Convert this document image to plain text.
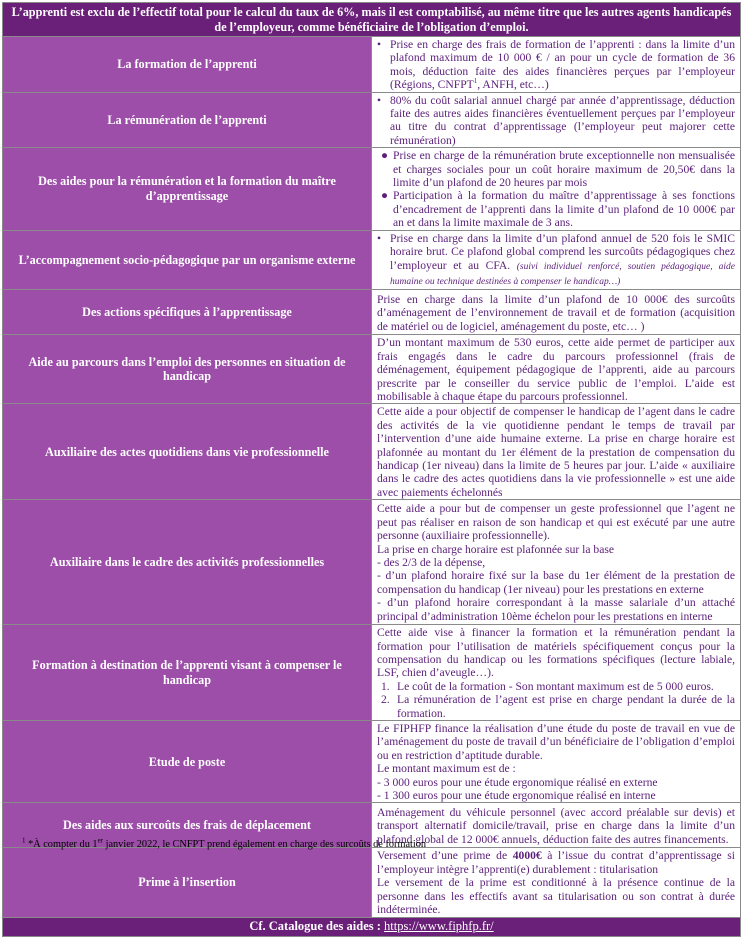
L’apprenti est exclu de l’effectif total pour le calcul du taux de 6%, mais il est comptabilisé, au même titre que les autres agents handicapés de l’employeur, comme bénéficiaire de l’obligation d’emploi.	
La formation de l’apprenti	• Prise en charge des frais de formation de l’apprenti : dans la limite d’un plafond maximum de 10 000 € / an pour un cycle de formation de 36 mois, déduction faite des aides financières perçues par l’employeur (Régions, CNFPT$^1$, ANFH, etc…)

La rémunération de l’apprenti	• 80% du coût salarial annuel chargé par année d’apprentissage, déduction faite des autres aides financières éventuellement perçues par l’employeur au titre du contrat d’apprentissage (l’employeur peut majorer cette rémunération)

Des aides pour la rémunération et la formation du maître d’apprentissage	● Prise en charge de la rémunération brute exceptionnelle non mensualisée et charges sociales pour un coût horaire maximum de 20,50€ dans la limite d’un plafond de 20 heures par mois

● Participation à la formation du maître d’apprentissage à ses fonctions d’encadrement de l’apprenti dans la limite d’un plafond de 10 000€ par an et dans la limite maximale de 3 ans.

L’accompagnement socio-pédagogique par un organisme externe	• Prise en charge dans la limite d’un plafond annuel de 520 fois le SMIC horaire brut. Ce plafond global comprend les surcoûts pédagogiques chez l’employeur et au CFA. (suivi individuel renforcé, soutien pédagogique, aide humaine ou technique destinées à compenser le handicap…)

Des actions spécifiques à l’apprentissage	Prise en charge dans la limite d’un plafond de 10 000€ des surcoûts d’aménagement de l’environnement de travail et de formation (acquisition de matériel ou de logiciel, aménagement du poste, etc… )
Aide au parcours dans l’emploi des personnes en situation de handicap	D’un montant maximum de 530 euros, cette aide permet de participer aux frais engagés dans le cadre du parcours professionnel (frais de déménagement, équipement pédagogique de l’apprenti, aide au parcours prescrite par le conseiller du service public de l’emploi. L’aide est mobilisable à chaque étape du parcours professionnel.
Auxiliaire des actes quotidiens dans vie professionnelle	Cette aide a pour objectif de compenser le handicap de l’agent dans le cadre des activités de la vie quotidienne pendant le temps de travail par l’intervention d’une aide humaine externe. La prise en charge horaire est plafonnée au montant du 1er élément de la prestation de compensation du handicap (1er niveau) dans la limite de 5 heures par jour. L’aide « auxiliaire dans le cadre des actes quotidiens dans la vie professionnelle » est une aide avec paiements échelonnés
Auxiliaire dans le cadre des activités professionnelles	Cette aide a pour but de compenser un geste professionnel que l’agent ne peut pas réaliser en raison de son handicap et qui est exécuté par une autre personne (auxiliaire professionnelle).

La prise en charge horaire est plafonnée sur la base

- des 2/3 de la dépense,

- d’un plafond horaire fixé sur la base du 1er élément de la prestation de compensation du handicap (1er niveau) pour les prestations en externe

- d’un plafond horaire correspondant à la masse salariale d’un attaché principal d’administration 10ème échelon pour les prestations en interne

Formation à destination de l’apprenti visant à compenser le handicap	Cette aide vise à financer la formation et la rémunération pendant la formation pour l’utilisation de matériels spécifiquement conçus pour la compensation du handicap ou les formations spécifiques (lecture labiale, LSF, chien d’aveugle…).

1. Le coût de la formation - Son montant maximum est de 5 000 euros.

2. La rémunération de l’agent est prise en charge pendant la durée de la formation.

Etude de poste	Le FIPHFP finance la réalisation d’une étude du poste de travail en vue de l’aménagement du poste de travail d’un bénéficiaire de l’obligation d’emploi ou en restriction d’aptitude durable.

Le montant maximum est de :

- 3 000 euros pour une étude ergonomique réalisé en externe

- 1 300 euros pour une étude ergonomique réalisé en interne

Des aides aux surcoûts des frais de déplacement	Aménagement du véhicule personnel (avec accord préalable sur devis) et transport alternatif domicile/travail, prise en charge dans la limite d’un plafond global de 12 000€ annuels, déduction faite des autres financements.
Prime à l’insertion	Versement d’une prime de 4000€ à l’issue du contrat d’apprentissage si l’employeur intègre l’apprenti(e) durablement : titularisation

Le versement de la prime est conditionné à la présence continue de la personne dans les effectifs avant sa titularisation ou son contrat à durée indéterminée.

Cf. Catalogue des aides : https://www.fiphfp.fr/	
$^1$ *À compter du 1er janvier 2022, le CNFPT prend également en charge des surcoûts de formation
